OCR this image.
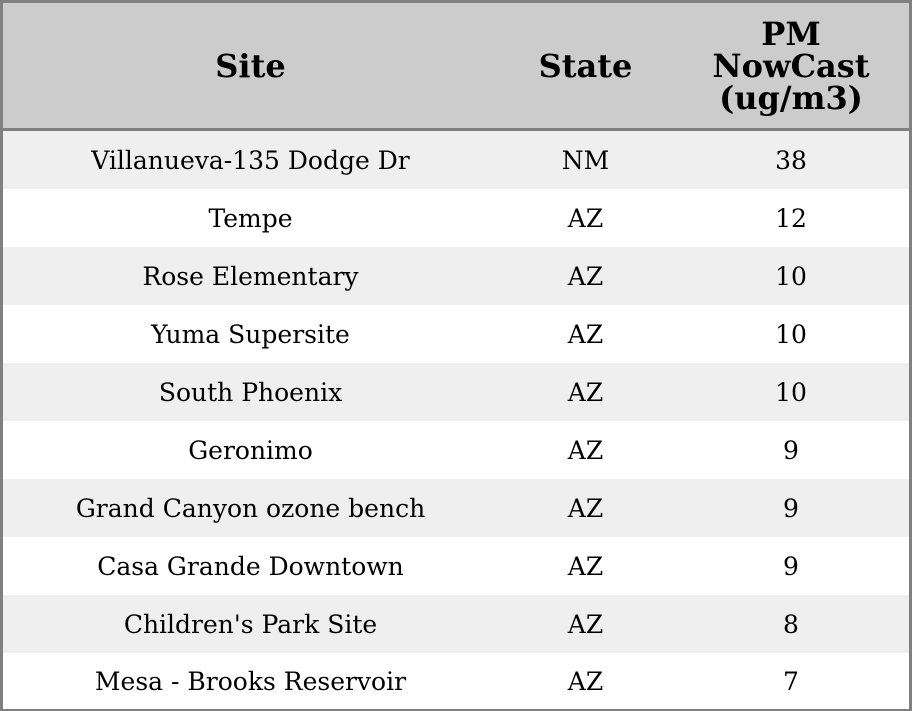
Site	State	PM NowCast (ug/m3)
Villanueva-135 Dodge Dr	NM	38
Tempe	AZ	12
Rose Elementary	AZ	10
Yuma Supersite	AZ	10
South Phoenix	AZ	10
Geronimo	AZ	9
Grand Canyon ozone bench	AZ	9
Casa Grande Downtown	AZ	9
Children's Park Site	AZ	8
Mesa - Brooks Reservoir	AZ	7
